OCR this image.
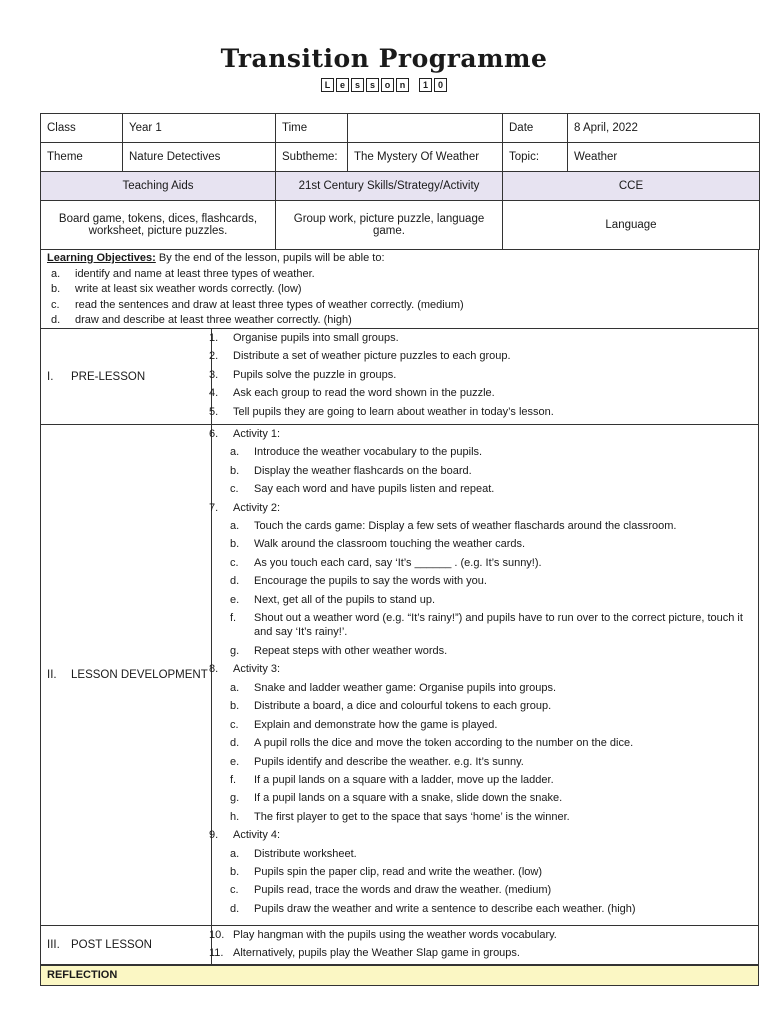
Transition Programme
L	e	s	s	o	n	1	0
Class	Year 1	Time		Date	8 April, 2022
Theme	Nature Detectives	Subtheme:	The Mystery Of Weather	Topic:	Weather
Teaching Aids	21st Century Skills/Strategy/Activity	CCE
Board game, tokens, dices, flashcards, worksheet, picture puzzles.	Group work, picture puzzle, language game.	Language
Learning Objectives: By the end of the lesson, pupils will be able to:
a.	identify and name at least three types of weather.
b.	write at least six weather words correctly. (low)
c.	read the sentences and draw at least three types of weather correctly. (medium)
d.	draw and describe at least three weather correctly. (high)
I.	PRE-LESSON
1.	Organise pupils into small groups.
2.	Distribute a set of weather picture puzzles to each group.
3.	Pupils solve the puzzle in groups.
4.	Ask each group to read the word shown in the puzzle.
5.	Tell pupils they are going to learn about weather in today’s lesson.
II.	LESSON DEVELOPMENT
6.	Activity 1:
a.	Introduce the weather vocabulary to the pupils.
b.	Display the weather flashcards on the board.
c.	Say each word and have pupils listen and repeat.
7.	Activity 2:
a.	Touch the cards game: Display a few sets of weather flaschards around the classroom.
b.	Walk around the classroom touching the weather cards.
c.	As you touch each card, say ‘It’s ______ . (e.g. It’s sunny!).
d.	Encourage the pupils to say the words with you.
e.	Next, get all of the pupils to stand up.
f.	Shout out a weather word (e.g. “It’s rainy!”) and pupils have to run over to the correct picture, touch it and say ‘It’s rainy!’.
g.	Repeat steps with other weather words.
8.	Activity 3:
a.	Snake and ladder weather game: Organise pupils into groups.
b.	Distribute a board, a dice and colourful tokens to each group.
c.	Explain and demonstrate how the game is played.
d.	A pupil rolls the dice and move the token according to the number on the dice.
e.	Pupils identify and describe the weather. e.g. It’s sunny.
f.	If a pupil lands on a square with a ladder, move up the ladder.
g.	If a pupil lands on a square with a snake, slide down the snake.
h.	The first player to get to the space that says ‘home’ is the winner.
9.	Activity 4:
a.	Distribute worksheet.
b.	Pupils spin the paper clip, read and write the weather. (low)
c.	Pupils read, trace the words and draw the weather. (medium)
d.	Pupils draw the weather and write a sentence to describe each weather. (high)
III. POST LESSON
10. Play hangman with the pupils using the weather words vocabulary.
11. Alternatively, pupils play the Weather Slap game in groups.
REFLECTION
